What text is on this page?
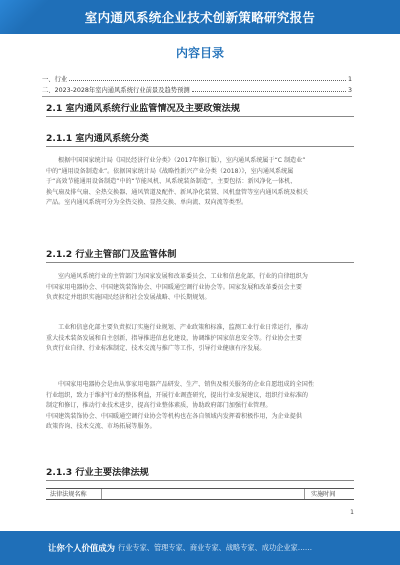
室内通风系统企业技术创新策略研究报告
内容目录
一、行业	1
二、2023-2028年室内通风系统行业前景及趋势预测	3
2.1 室内通风系统行业监管情况及主要政策法规
2.1.1 室内通风系统分类
根据中国国家统计局《国民经济行业分类》（2017年修订版），室内通风系统属于“C 制造业”
中的“通用设备制造业”。依据国家统计局《战略性新兴产业分类（2018）》，室内通风系统属
于“高效节能通用设备制造”中的“节能风机、风系统装备制造”，主要包括：新风净化一体机、
换气扇及排气扇、全热交换器、通风管道及配件、新风净化装置、风机盘管等室内通风系统及相关
产品。室内通风系统可分为全热交换、显热交换、单向流、双向流等类型。
2.1.2 行业主管部门及监管体制
室内通风系统行业的主管部门为国家发展和改革委员会、工业和信息化部，行业的自律组织为
中国家用电器协会、中国建筑装饰协会、中国暖通空调行业协会等。国家发展和改革委员会主要
负责拟定并组织实施国民经济和社会发展战略、中长期规划。
工业和信息化部主要负责拟订实施行业规划、产业政策和标准，监测工业行业日常运行，推动
重大技术装备发展和自主创新，指导推进信息化建设，协调维护国家信息安全等。行业协会主要
负责行业自律、行业标准制定、技术交流与推广等工作，引导行业健康有序发展。
中国家用电器协会是由从事家用电器产品研发、生产、销售及相关服务的企业自愿组成的全国性
行业组织，致力于维护行业的整体利益，开展行业调查研究，提出行业发展建议，组织行业标准的
制定和修订，推动行业技术进步，提高行业整体素质，协助政府部门加强行业管理。
中国建筑装饰协会、中国暖通空调行业协会等机构也在各自领域内发挥着积极作用，为企业提供
政策咨询、技术交流、市场拓展等服务。
2.1.3 行业主要法律法规
法律法规名称	实施时间
1
让你个人价值成为 行业专家、管理专家、商业专家、战略专家、成功企业家……
